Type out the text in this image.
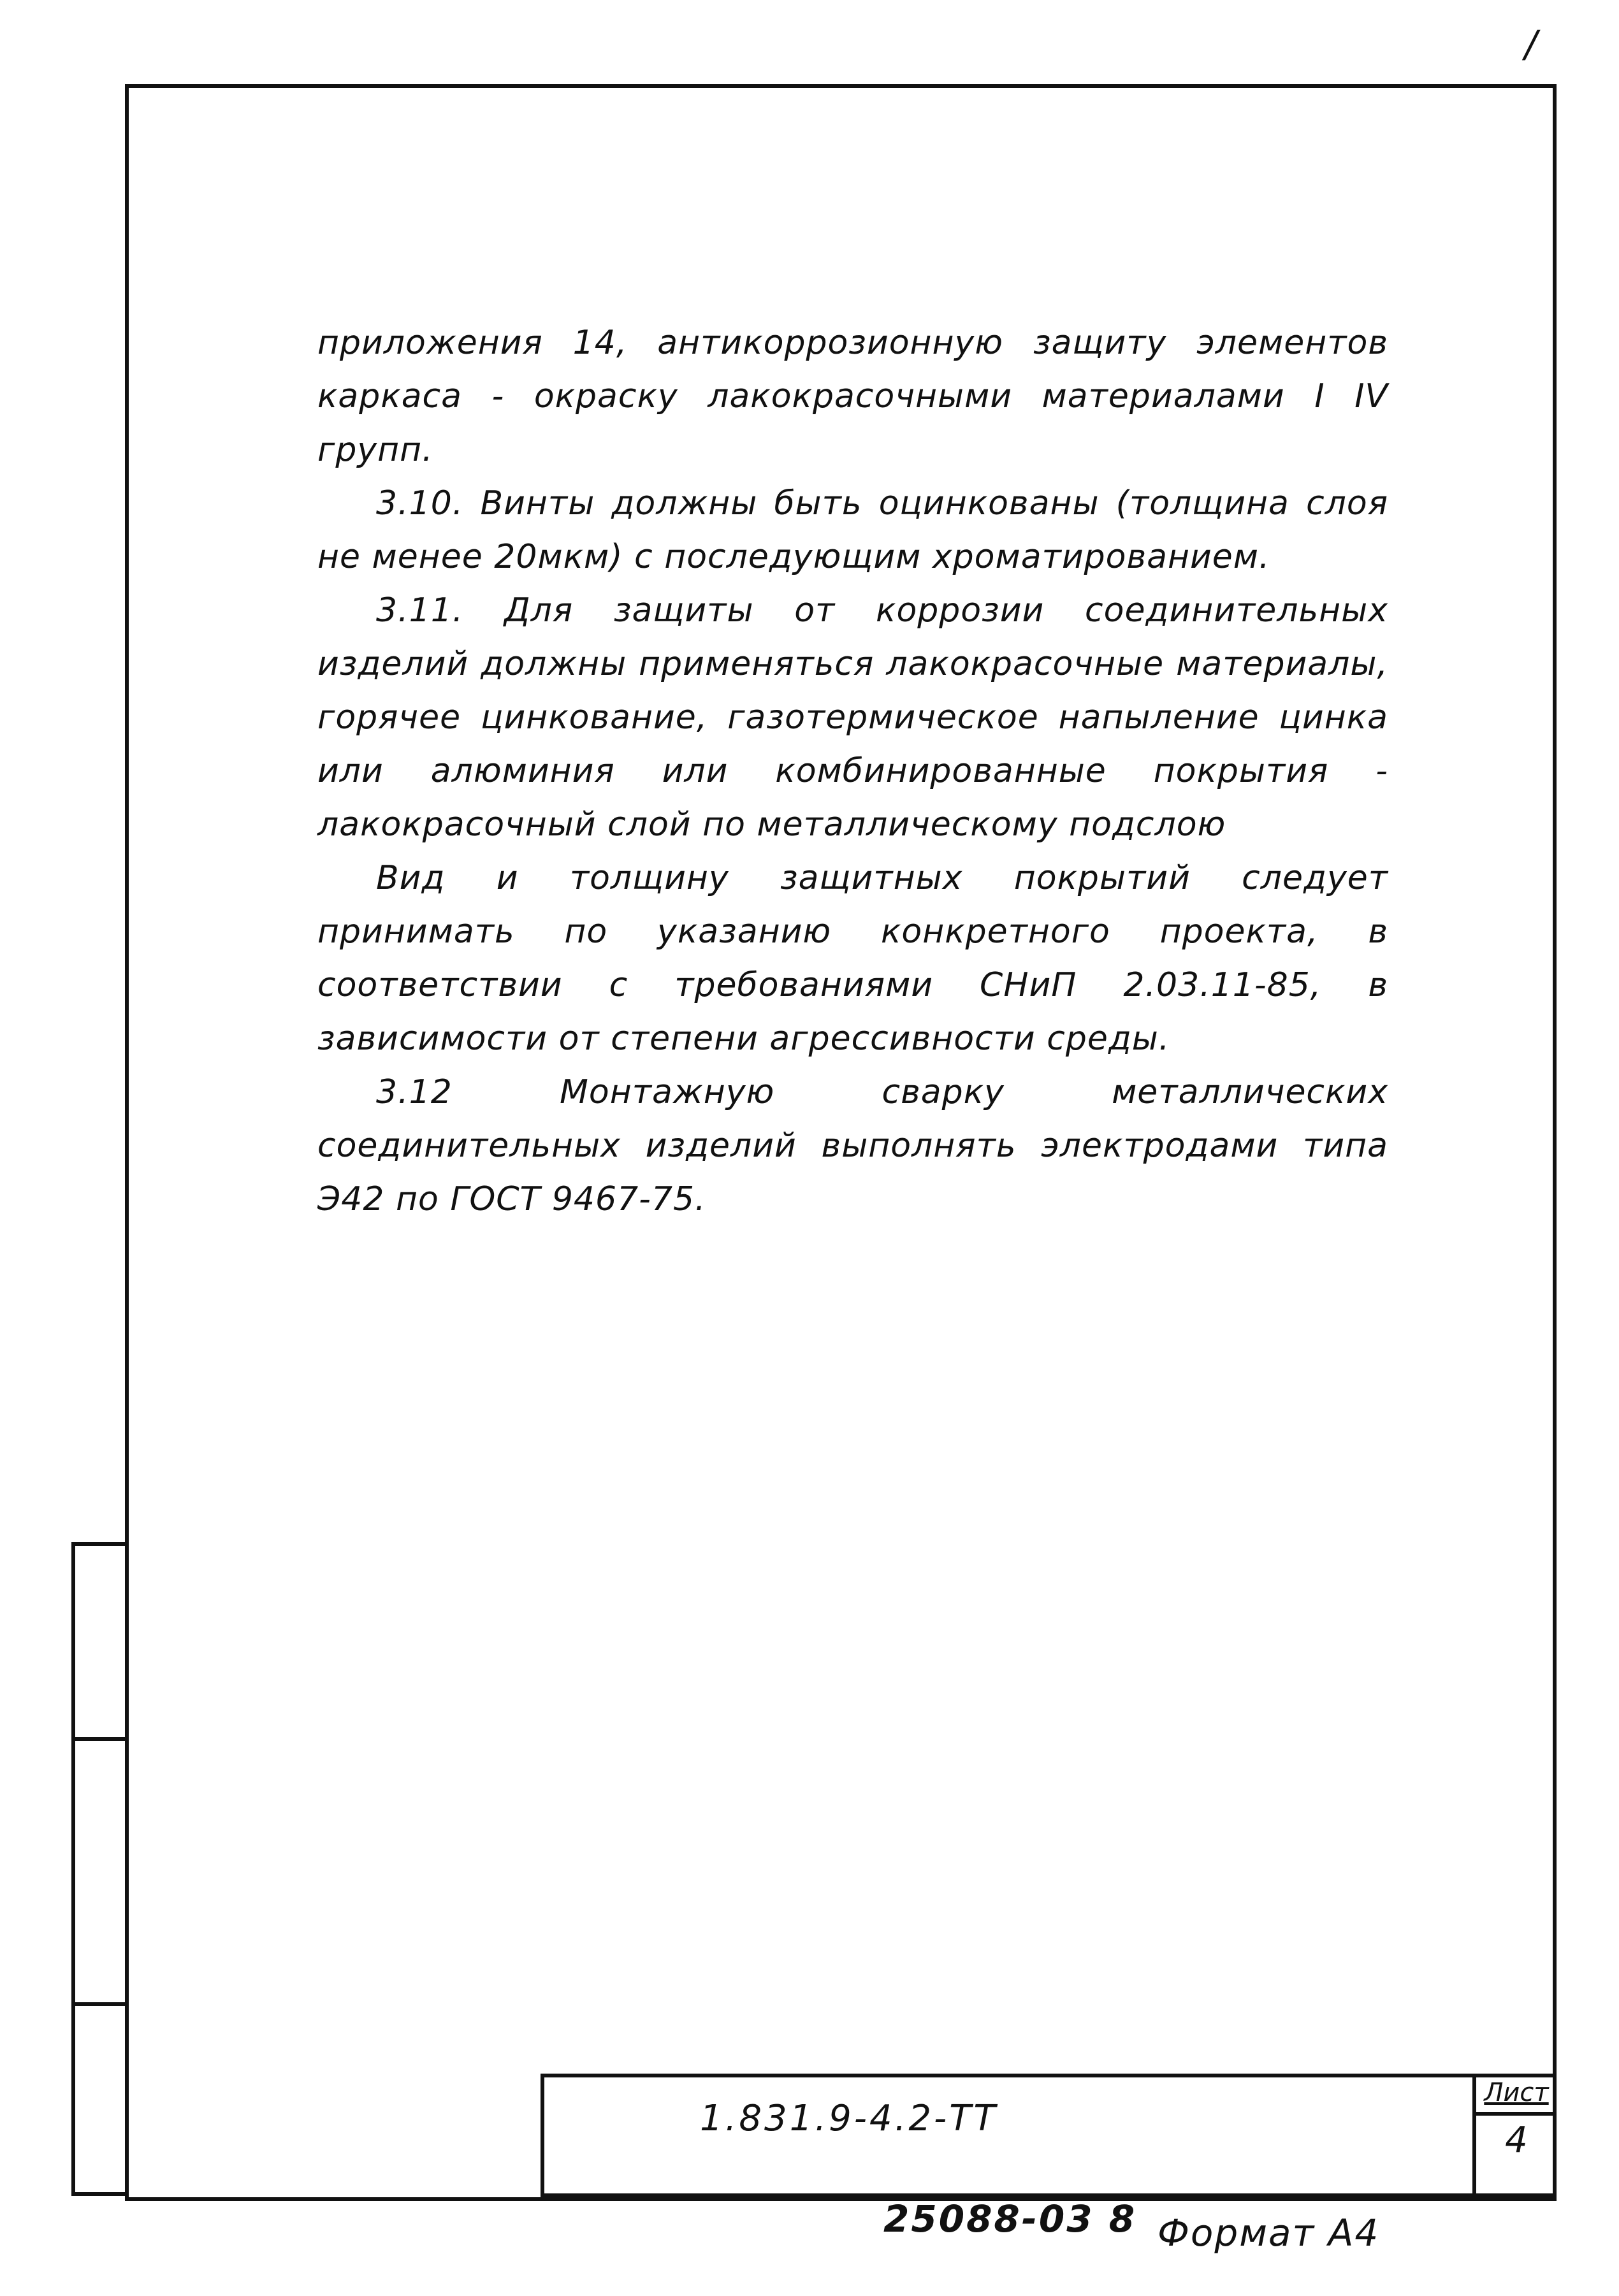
/

приложения 14, антикоррозионную защиту элементов каркаса - окраску лакокрасочными материалами I IV групп.

3.10. Винты должны быть оцинкованы (толщина слоя не менее 20мкм) с последующим хроматированием.

3.11. Для защиты от коррозии соединительных изделий должны применяться лакокрасочные материалы, горячее цинкование, газотермическое напыление цинка или алюминия или комбинированные покрытия - лакокрасочный слой по металлическому подслою

Вид и толщину защитных покрытий следует принимать по указанию конкретного проекта, в соответствии с требованиями СНиП 2.03.11-85, в зависимости от степени агрессивности среды.

3.12 Монтажную сварку металлических соединительных изделий выполнять электродами типа Э42 по ГОСТ 9467-75.

1.831.9-4.2-ТТ
Лист
4
25088-03 8 Формат А4
